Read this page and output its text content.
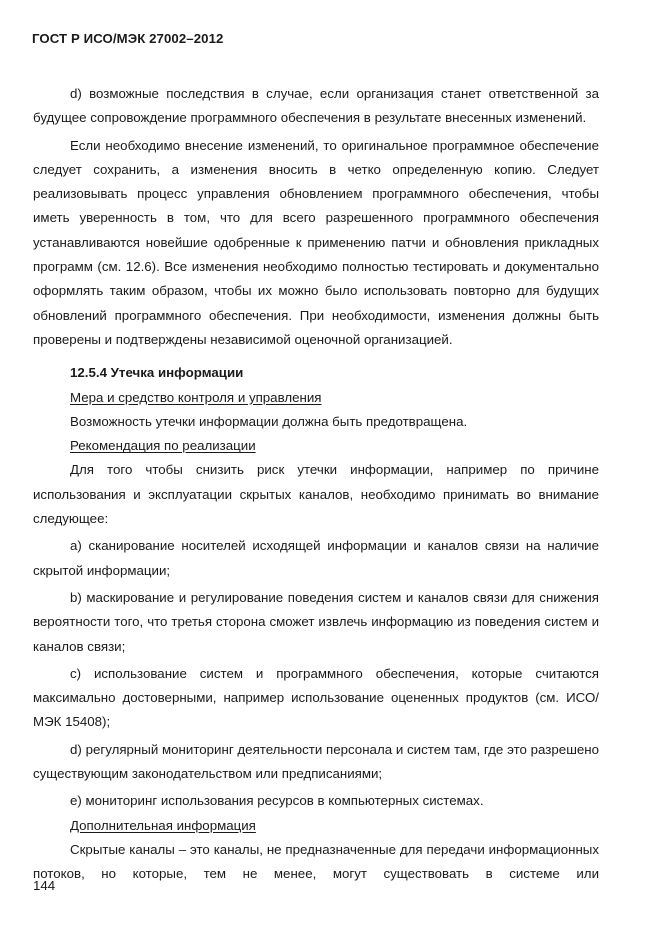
ГОСТ Р ИСО/МЭК 27002–2012

d) возможные последствия в случае, если организация станет ответственной за будущее сопровождение программного обеспечения в результате внесенных изменений.

Если необходимо внесение изменений, то оригинальное программное обеспечение следует сохранить, а изменения вносить в четко определенную копию. Следует реализовывать процесс управления обновлением программного обеспечения, чтобы иметь уверенность в том, что для всего разрешенного программного обеспечения устанавливаются новейшие одобренные к применению патчи и обновления прикладных программ (см. 12.6). Все изменения необходимо полностью тестировать и документально оформлять таким образом, чтобы их можно было использовать повторно для будущих обновлений программного обеспечения. При необходимости, изменения должны быть проверены и подтверждены независимой оценочной организацией.

12.5.4 Утечка информации

Мера и средство контроля и управления

Возможность утечки информации должна быть предотвращена.

Рекомендация по реализации

Для того чтобы снизить риск утечки информации, например по причине использования и эксплуатации скрытых каналов, необходимо принимать во внимание следующее:

a) сканирование носителей исходящей информации и каналов связи на наличие скрытой информации;

b) маскирование и регулирование поведения систем и каналов связи для снижения вероятности того, что третья сторона сможет извлечь информацию из поведения систем и каналов связи;

c) использование систем и программного обеспечения, которые считаются максимально достоверными, например использование оцененных продуктов (см. ИСО/МЭК 15408);

d) регулярный мониторинг деятельности персонала и систем там, где это разрешено существующим законодательством или предписаниями;

e) мониторинг использования ресурсов в компьютерных системах.

Дополнительная информация

Скрытые каналы – это каналы, не предназначенные для передачи информационных потоков, но которые, тем не менее, могут существовать в системе или

144
